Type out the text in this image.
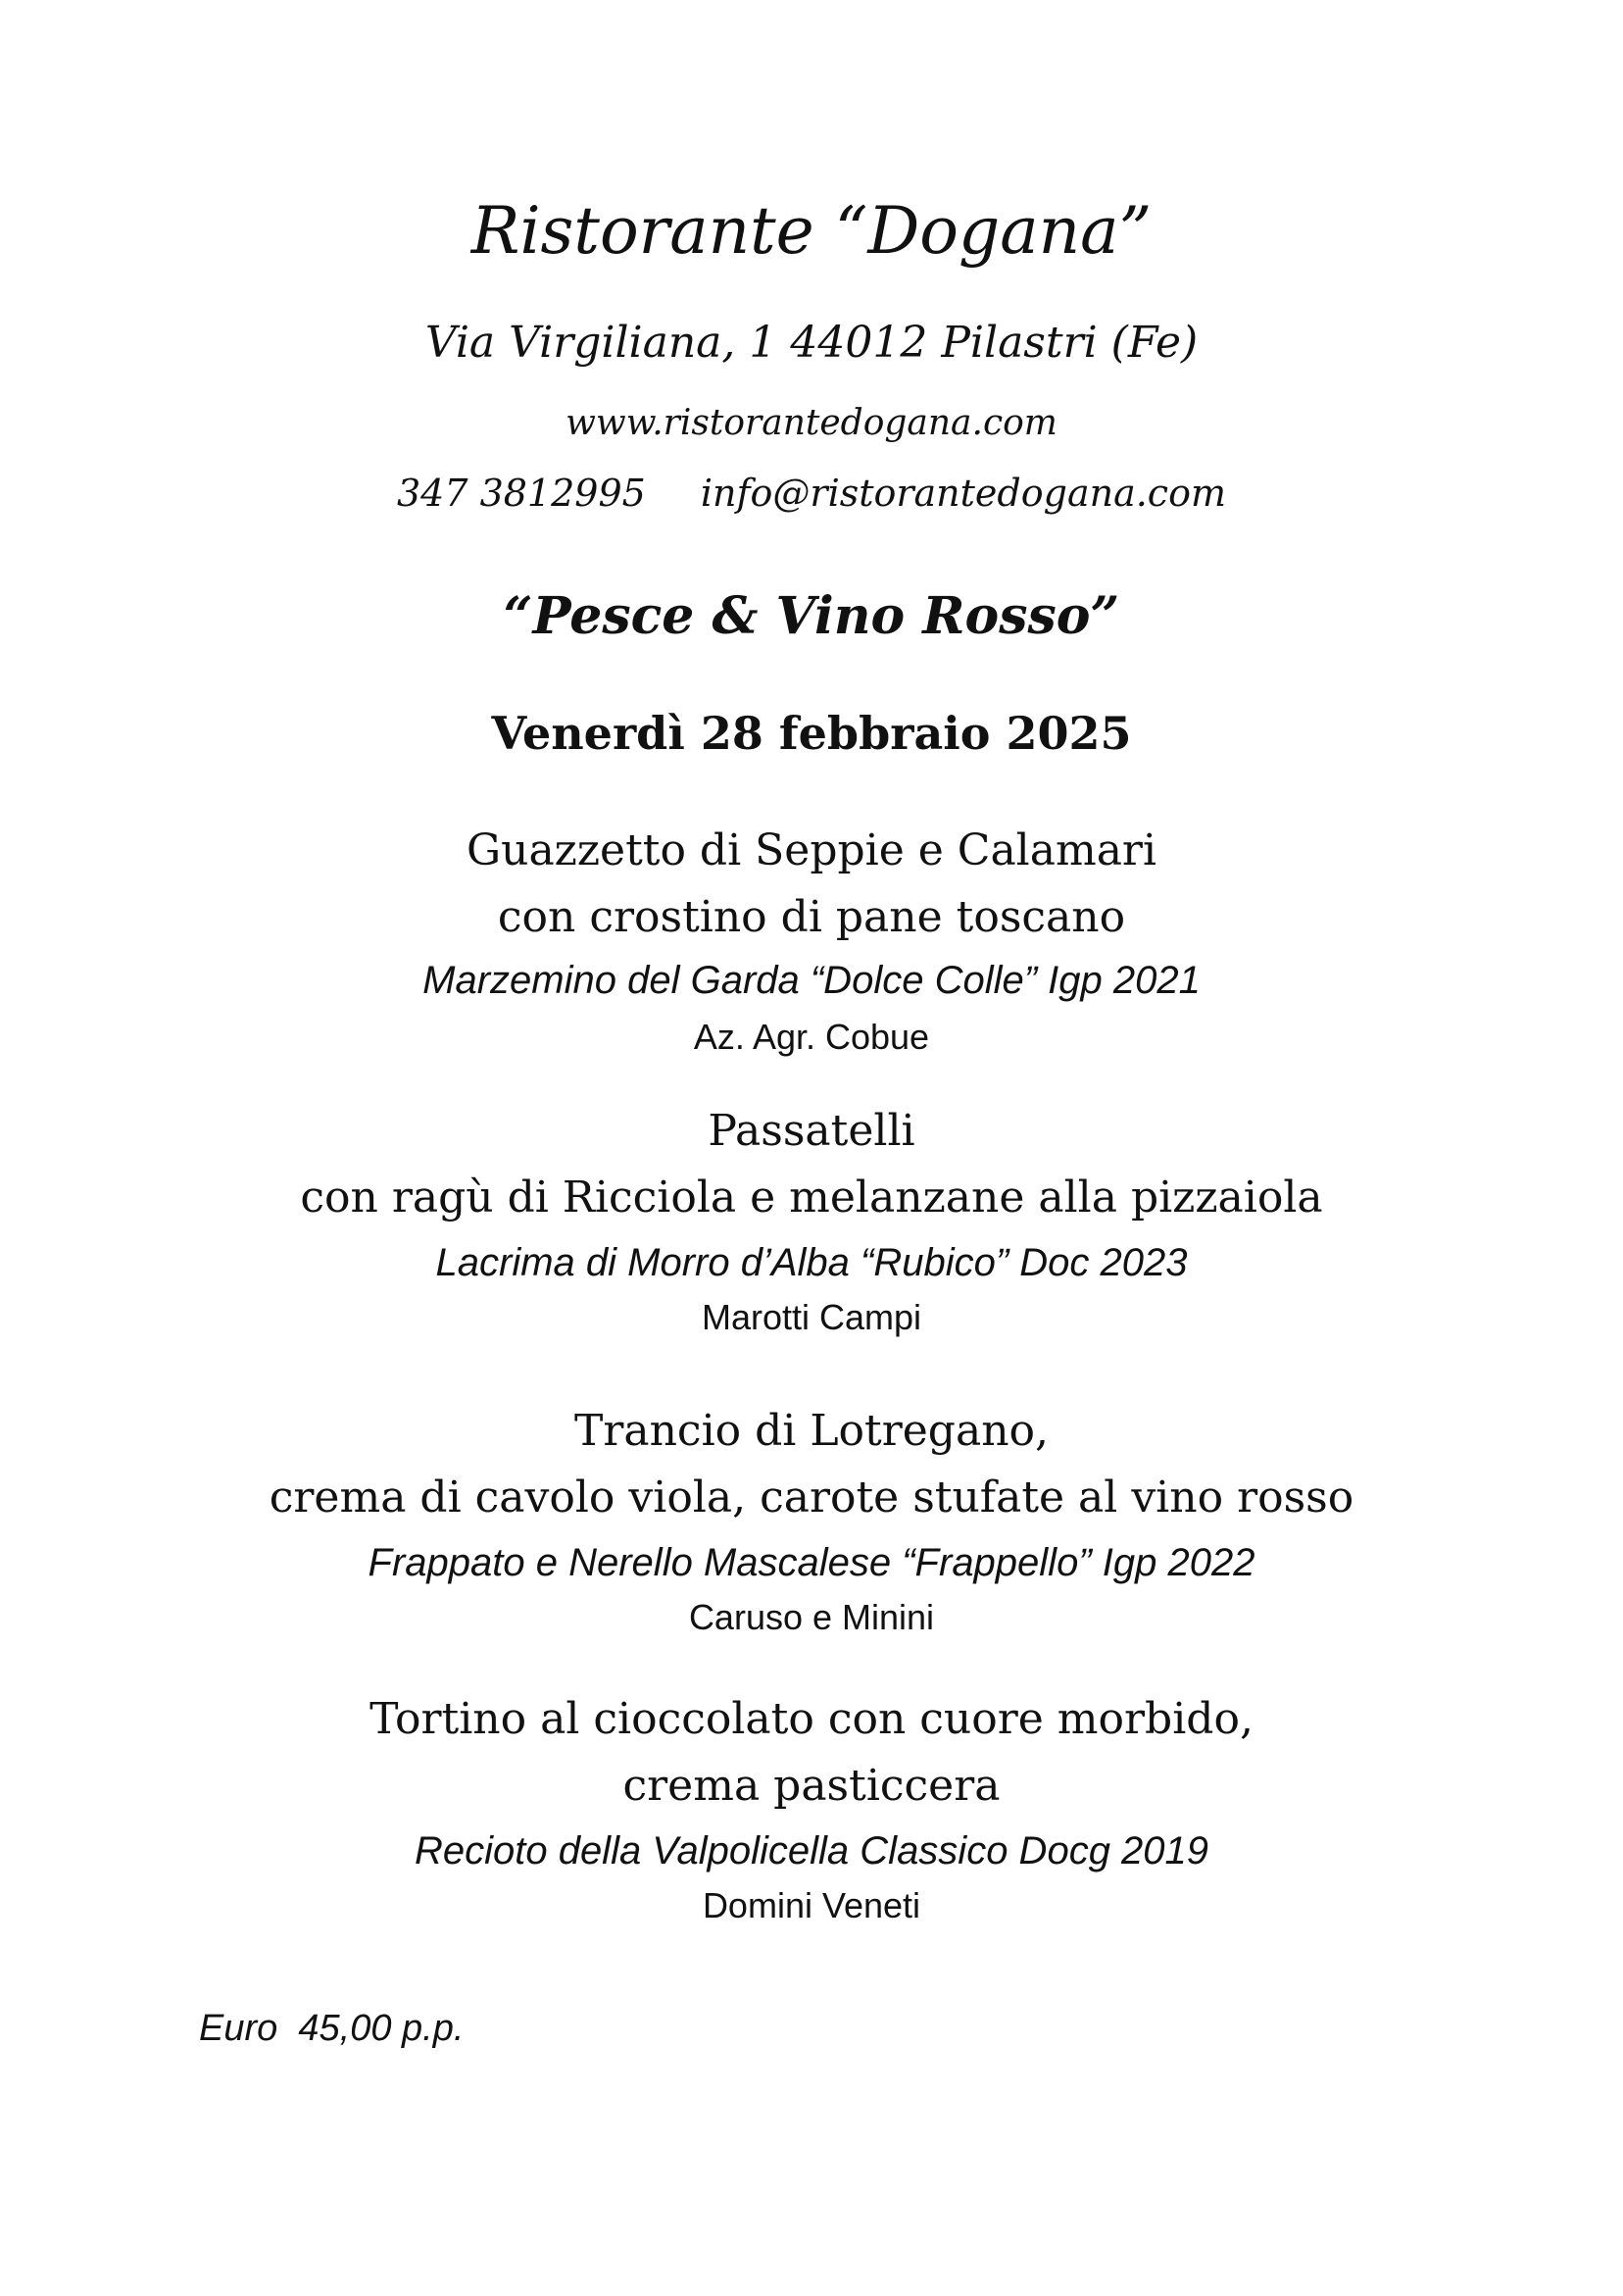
Ristorante “Dogana”
Via Virgiliana, 1 44012 Pilastri (Fe)
www.ristorantedogana.com
347 3812995 info@ristorantedogana.com
“Pesce & Vino Rosso”
Venerdì 28 febbraio 2025
Guazzetto di Seppie e Calamari
con crostino di pane toscano
Marzemino del Garda “Dolce Colle” Igp 2021
Az. Agr. Cobue
Passatelli
con ragù di Ricciola e melanzane alla pizzaiola
Lacrima di Morro d’Alba “Rubico” Doc 2023
Marotti Campi
Trancio di Lotregano,
crema di cavolo viola, carote stufate al vino rosso
Frappato e Nerello Mascalese “Frappello” Igp 2022
Caruso e Minini
Tortino al cioccolato con cuore morbido,
crema pasticcera
Recioto della Valpolicella Classico Docg 2019
Domini Veneti
Euro  45,00 p.p.
